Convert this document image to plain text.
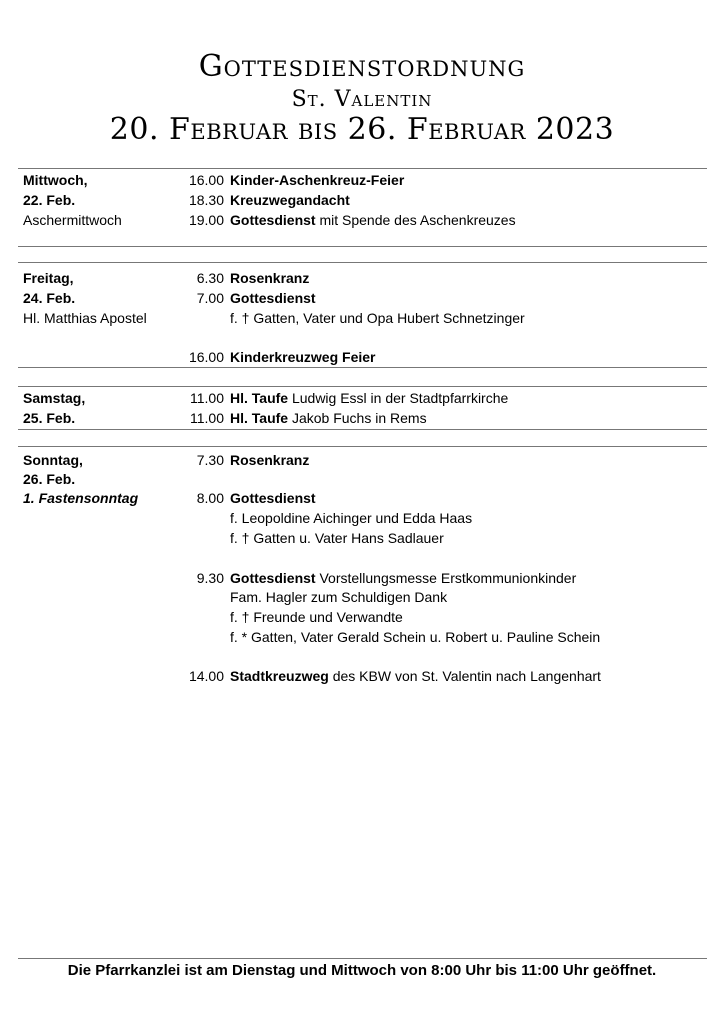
Gottesdienstordnung
St. Valentin
20. Februar bis 26. Februar 2023
Mittwoch,
22. Feb.
Aschermittwoch
16.00 Kinder-Aschenkreuz-Feier
18.30 Kreuzwegandacht
19.00 Gottesdienst mit Spende des Aschenkreuzes
Freitag,
24. Feb.
Hl. Matthias Apostel
6.30 Rosenkranz
7.00 Gottesdienst
f. † Gatten, Vater und Opa Hubert Schnetzinger
16.00 Kinderkreuzweg Feier
Samstag,
25. Feb.
11.00 Hl. Taufe Ludwig Essl in der Stadtpfarrkirche
11.00 Hl. Taufe Jakob Fuchs in Rems
Sonntag,
26. Feb.
1. Fastensonntag
7.30 Rosenkranz
8.00 Gottesdienst
f. Leopoldine Aichinger und Edda Haas
f. † Gatten u. Vater Hans Sadlauer
9.30 Gottesdienst Vorstellungsmesse Erstkommunionkinder
Fam. Hagler zum Schuldigen Dank
f. † Freunde und Verwandte
f. * Gatten, Vater Gerald Schein u. Robert u. Pauline Schein
14.00 Stadtkreuzweg des KBW von St. Valentin nach Langenhart
Die Pfarrkanzlei ist am Dienstag und Mittwoch von 8:00 Uhr bis 11:00 Uhr geöffnet.
